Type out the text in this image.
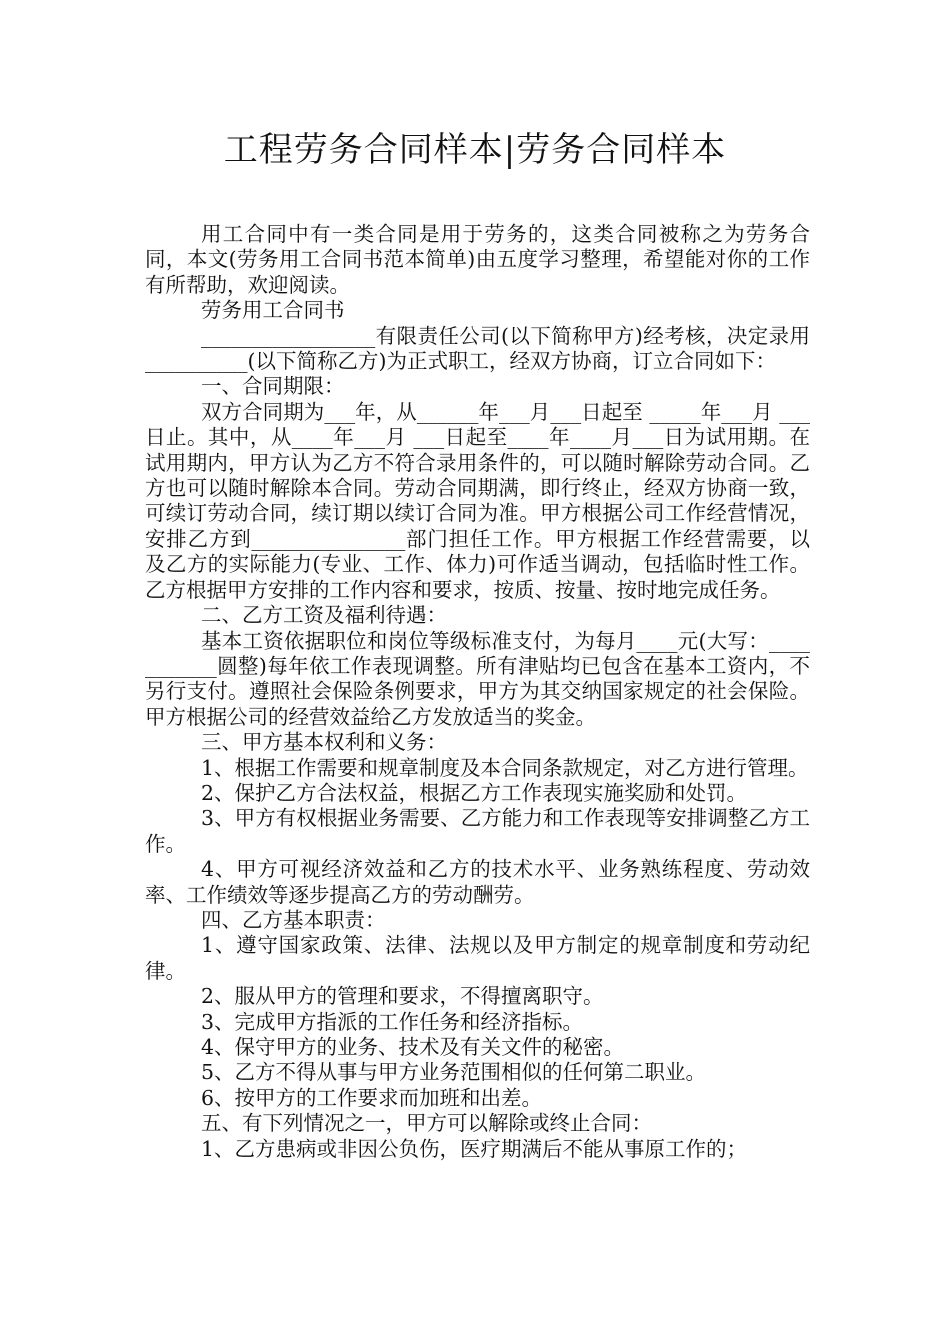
工程劳务合同样本|劳务合同样本

用工合同中有一类合同是用于劳务的，这类合同被称之为劳务合同，本文(劳务用工合同书范本简单)由五度学习整理，希望能对你的工作有所帮助，欢迎阅读。

劳务用工合同书

_________________有限责任公司(以下简称甲方)经考核，决定录用__________(以下简称乙方)为正式职工，经双方协商，订立合同如下：

一、合同期限：

双方合同期为___年，从______年___月___日起至 _____年___月 ___日止。其中，从____年___月 ___日起至____年____月___日为试用期。在试用期内，甲方认为乙方不符合录用条件的，可以随时解除劳动合同。乙方也可以随时解除本合同。劳动合同期满，即行终止，经双方协商一致，可续订劳动合同，续订期以续订合同为准。甲方根据公司工作经营情况，安排乙方到_______________部门担任工作。甲方根据工作经营需要，以及乙方的实际能力(专业、工作、体力)可作适当调动，包括临时性工作。乙方根据甲方安排的工作内容和要求，按质、按量、按时地完成任务。

二、乙方工资及福利待遇：

基本工资依据职位和岗位等级标准支付，为每月____元(大写：___________圆整)每年依工作表现调整。所有津贴均已包含在基本工资内，不另行支付。遵照社会保险条例要求，甲方为其交纳国家规定的社会保险。甲方根据公司的经营效益给乙方发放适当的奖金。

三、甲方基本权利和义务：

1、根据工作需要和规章制度及本合同条款规定，对乙方进行管理。

2、保护乙方合法权益，根据乙方工作表现实施奖励和处罚。

3、甲方有权根据业务需要、乙方能力和工作表现等安排调整乙方工作。

4、甲方可视经济效益和乙方的技术水平、业务熟练程度、劳动效率、工作绩效等逐步提高乙方的劳动酬劳。

四、乙方基本职责：

1、遵守国家政策、法律、法规以及甲方制定的规章制度和劳动纪律。

2、服从甲方的管理和要求，不得擅离职守。

3、完成甲方指派的工作任务和经济指标。

4、保守甲方的业务、技术及有关文件的秘密。

5、乙方不得从事与甲方业务范围相似的任何第二职业。

6、按甲方的工作要求而加班和出差。

五、有下列情况之一，甲方可以解除或终止合同：

1、乙方患病或非因公负伤，医疗期满后不能从事原工作的；
